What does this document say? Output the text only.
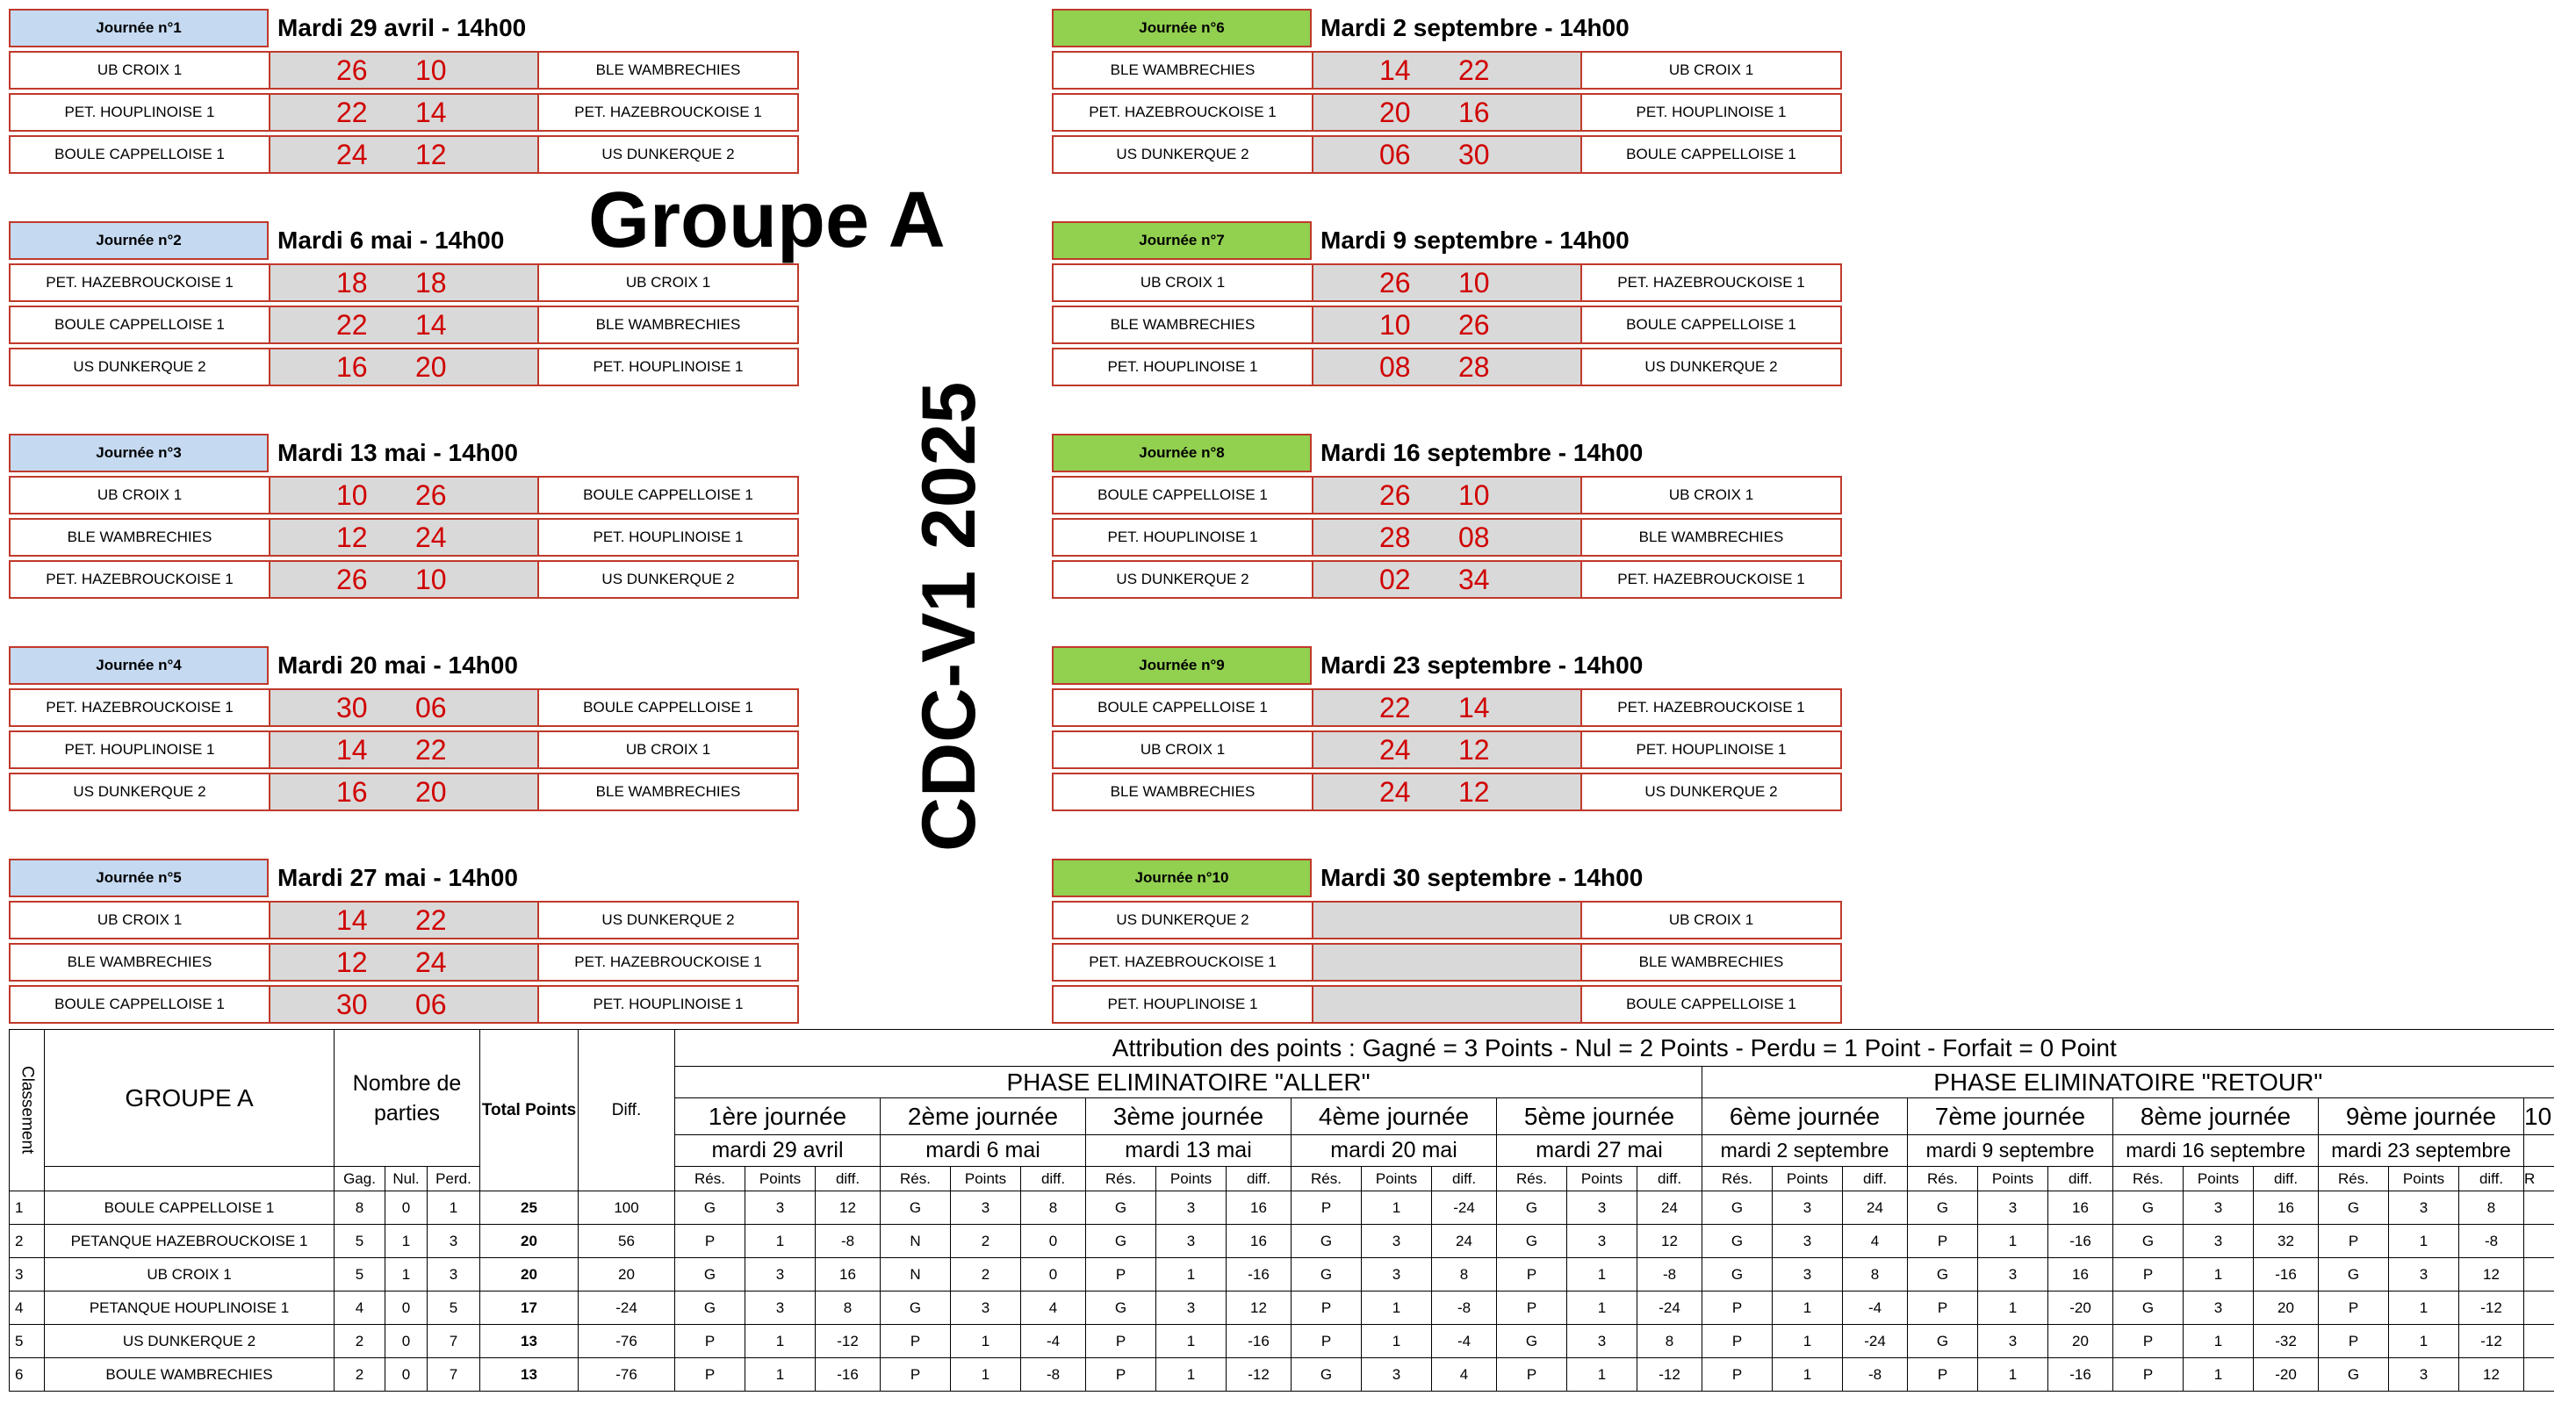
Journée n°1	Mardi 29 avril - 14h00
UB CROIX 1	26 10	BLE WAMBRECHIES
PET. HOUPLINOISE 1	22 14	PET. HAZEBROUCKOISE 1
BOULE CAPPELLOISE 1	24 12	US DUNKERQUE 2
Journée n°2	Mardi 6 mai - 14h00
PET. HAZEBROUCKOISE 1	18 18	UB CROIX 1
BOULE CAPPELLOISE 1	22 14	BLE WAMBRECHIES
US DUNKERQUE 2	16 20	PET. HOUPLINOISE 1
Journée n°3	Mardi 13 mai - 14h00
UB CROIX 1	10 26	BOULE CAPPELLOISE 1
BLE WAMBRECHIES	12 24	PET. HOUPLINOISE 1
PET. HAZEBROUCKOISE 1	26 10	US DUNKERQUE 2
Journée n°4	Mardi 20 mai - 14h00
PET. HAZEBROUCKOISE 1	30 06	BOULE CAPPELLOISE 1
PET. HOUPLINOISE 1	14 22	UB CROIX 1
US DUNKERQUE 2	16 20	BLE WAMBRECHIES
Journée n°5	Mardi 27 mai - 14h00
UB CROIX 1	14 22	US DUNKERQUE 2
BLE WAMBRECHIES	12 24	PET. HAZEBROUCKOISE 1
BOULE CAPPELLOISE 1	30 06	PET. HOUPLINOISE 1
Journée n°6	Mardi 2 septembre - 14h00
BLE WAMBRECHIES	14 22	UB CROIX 1
PET. HAZEBROUCKOISE 1	20 16	PET. HOUPLINOISE 1
US DUNKERQUE 2	06 30	BOULE CAPPELLOISE 1
Journée n°7	Mardi 9 septembre - 14h00
UB CROIX 1	26 10	PET. HAZEBROUCKOISE 1
BLE WAMBRECHIES	10 26	BOULE CAPPELLOISE 1
PET. HOUPLINOISE 1	08 28	US DUNKERQUE 2
Journée n°8	Mardi 16 septembre - 14h00
BOULE CAPPELLOISE 1	26 10	UB CROIX 1
PET. HOUPLINOISE 1	28 08	BLE WAMBRECHIES
US DUNKERQUE 2	02 34	PET. HAZEBROUCKOISE 1
Journée n°9	Mardi 23 septembre - 14h00
BOULE CAPPELLOISE 1	22 14	PET. HAZEBROUCKOISE 1
UB CROIX 1	24 12	PET. HOUPLINOISE 1
BLE WAMBRECHIES	24 12	US DUNKERQUE 2
Journée n°10	Mardi 30 septembre - 14h00
US DUNKERQUE 2	UB CROIX 1
PET. HAZEBROUCKOISE 1	BLE WAMBRECHIES
PET. HOUPLINOISE 1	BOULE CAPPELLOISE 1
Groupe A
CDC-V1 2025
Classement	GROUPE A	Nombre de parties			Total Points	Diff.	Attribution des points : Gagné = 3 Points - Nul = 2 Points - Perdu = 1 Point - Forfait = 0 Point																											
							PHASE ELIMINATOIRE "ALLER"															PHASE ELIMINATOIRE "RETOUR"												
							1ère journée			2ème journée			3ème journée			4ème journée			5ème journée			6ème journée			7ème journée			8ème journée			9ème journée			10
							mardi 29 avril			mardi 6 mai			mardi 13 mai			mardi 20 mai			mardi 27 mai			mardi 2 septembre			mardi 9 septembre			mardi 16 septembre			mardi 23 septembre			
		Gag.	Nul.	Perd.			Rés.	Points	diff.	Rés.	Points	diff.	Rés.	Points	diff.	Rés.	Points	diff.	Rés.	Points	diff.	Rés.	Points	diff.	Rés.	Points	diff.	Rés.	Points	diff.	Rés.	Points	diff.	R
1	BOULE CAPPELLOISE 1	8	0	1	25	100	G	3	12	G	3	8	G	3	16	P	1	-24	G	3	24	G	3	24	G	3	16	G	3	16	G	3	8	
2	PETANQUE HAZEBROUCKOISE 1	5	1	3	20	56	P	1	-8	N	2	0	G	3	16	G	3	24	G	3	12	G	3	4	P	1	-16	G	3	32	P	1	-8	
3	UB CROIX 1	5	1	3	20	20	G	3	16	N	2	0	P	1	-16	G	3	8	P	1	-8	G	3	8	G	3	16	P	1	-16	G	3	12	
4	PETANQUE HOUPLINOISE 1	4	0	5	17	-24	G	3	8	G	3	4	G	3	12	P	1	-8	P	1	-24	P	1	-4	P	1	-20	G	3	20	P	1	-12	
5	US DUNKERQUE 2	2	0	7	13	-76	P	1	-12	P	1	-4	P	1	-16	P	1	-4	G	3	8	P	1	-24	G	3	20	P	1	-32	P	1	-12	
6	BOULE WAMBRECHIES	2	0	7	13	-76	P	1	-16	P	1	-8	P	1	-12	G	3	4	P	1	-12	P	1	-8	P	1	-16	P	1	-20	G	3	12	
